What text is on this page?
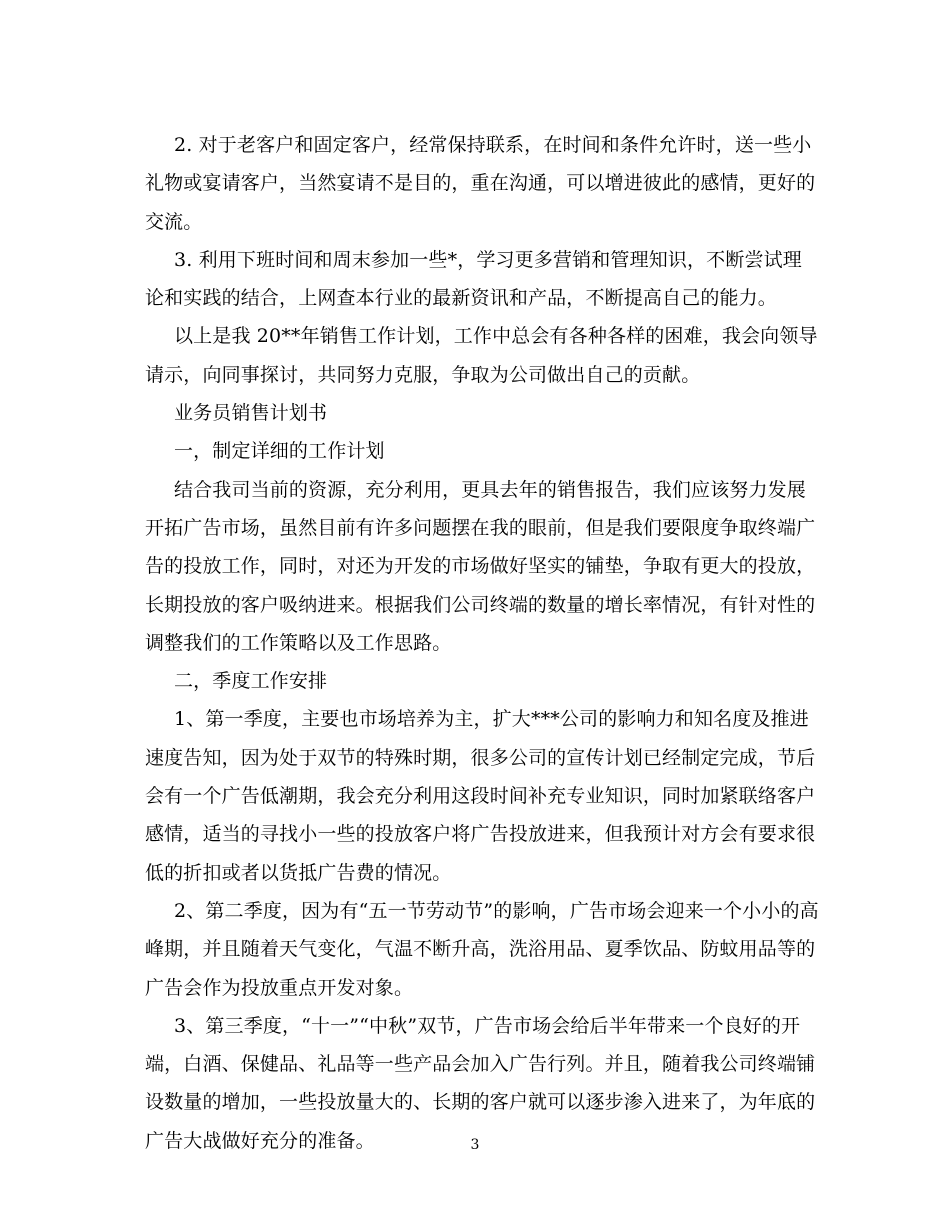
2. 对于老客户和固定客户，经常保持联系，在时间和条件允许时，送一些小
礼物或宴请客户，当然宴请不是目的，重在沟通，可以增进彼此的感情，更好的
交流。
3. 利用下班时间和周末参加一些*，学习更多营销和管理知识，不断尝试理
论和实践的结合，上网查本行业的最新资讯和产品，不断提高自己的能力。
以上是我 20**年销售工作计划，工作中总会有各种各样的困难，我会向领导
请示，向同事探讨，共同努力克服，争取为公司做出自己的贡献。
业务员销售计划书
一，制定详细的工作计划
结合我司当前的资源，充分利用，更具去年的销售报告，我们应该努力发展
开拓广告市场，虽然目前有许多问题摆在我的眼前，但是我们要限度争取终端广
告的投放工作，同时，对还为开发的市场做好坚实的铺垫，争取有更大的投放，
长期投放的客户吸纳进来。根据我们公司终端的数量的增长率情况，有针对性的
调整我们的工作策略以及工作思路。
二，季度工作安排
1、第一季度，主要也市场培养为主，扩大***公司的影响力和知名度及推进
速度告知，因为处于双节的特殊时期，很多公司的宣传计划已经制定完成，节后
会有一个广告低潮期，我会充分利用这段时间补充专业知识，同时加紧联络客户
感情，适当的寻找小一些的投放客户将广告投放进来，但我预计对方会有要求很
低的折扣或者以货抵广告费的情况。
2、第二季度，因为有“五一节劳动节”的影响，广告市场会迎来一个小小的高
峰期，并且随着天气变化，气温不断升高，洗浴用品、夏季饮品、防蚊用品等的
广告会作为投放重点开发对象。
3、第三季度，“十一”“中秋”双节，广告市场会给后半年带来一个良好的开
端，白酒、保健品、礼品等一些产品会加入广告行列。并且，随着我公司终端铺
设数量的增加，一些投放量大的、长期的客户就可以逐步渗入进来了，为年底的
广告大战做好充分的准备。	3
